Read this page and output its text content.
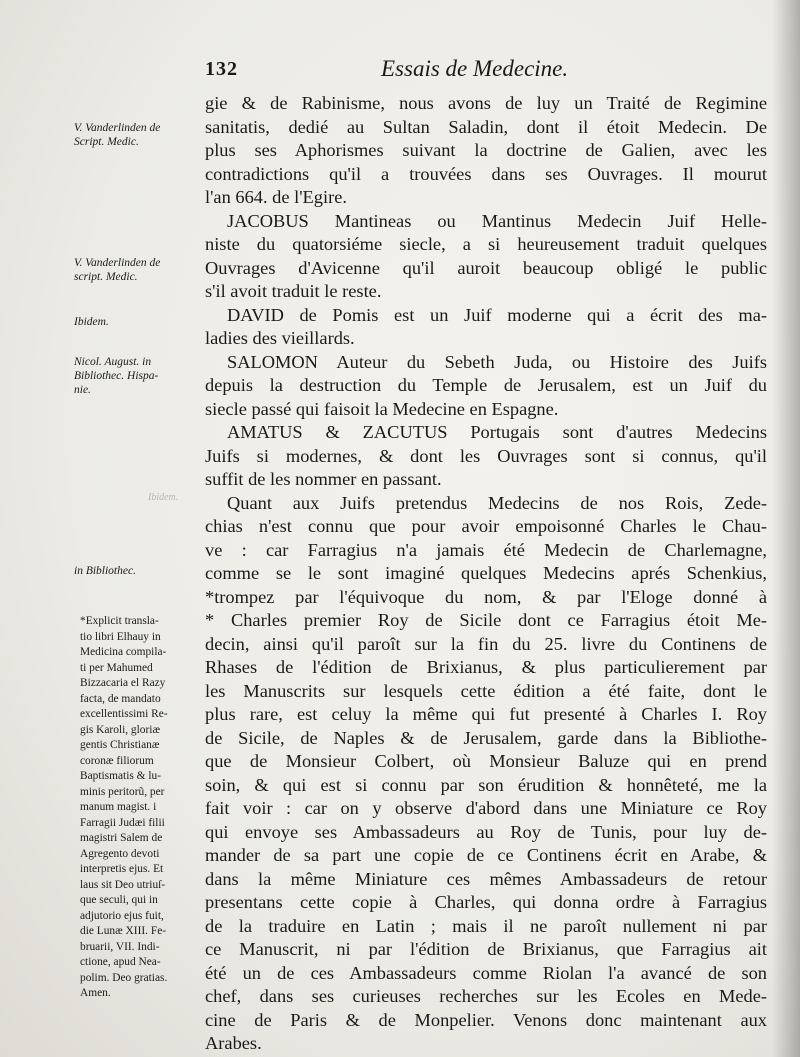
132	Essais de Medecine.
V. Vanderlinden de
Script. Medic.
V. Vanderlinden de
script. Medic.
Ibidem.
Nicol. August. in
Bibliothec. Hispa-
nie.
in Bibliothec.
Ibidem.
*Explicit transla-
tio libri Elhauy in
Medicina compila-
ti per Mahumed
Bizzacaria el Razy
facta, de mandato
excellentissimi Re-
gis Karoli, gloriæ
gentis Christianæ
coronæ filiorum
Baptismatis & lu-
minis peritorũ, per
manum magist. i
Farragii Judæi filii
magistri Salem de
Agregento devoti
interpretis ejus. Et
laus sit Deo utriuſ-
que seculi, qui in
adjutorio ejus fuit,
die Lunæ XIII. Fe-
bruarii, VII. Indi-
ctione, apud Nea-
polim. Deo gratias.
Amen.
gie & de Rabinisme, nous avons de luy un Traité de Regimine
sanitatis, dedié au Sultan Saladin, dont il étoit Medecin. De
plus ses Aphorismes suivant la doctrine de Galien, avec les
contradictions qu'il a trouvées dans ses Ouvrages. Il mourut
l'an 664. de l'Egire.
JACOBUS Mantineas ou Mantinus Medecin Juif Helle-
niste du quatorsiéme siecle, a si heureusement traduit quelques
Ouvrages d'Avicenne qu'il auroit beaucoup obligé le public
s'il avoit traduit le reste.
DAVID de Pomis est un Juif moderne qui a écrit des ma-
ladies des vieillards.
SALOMON Auteur du Sebeth Juda, ou Histoire des Juifs
depuis la destruction du Temple de Jerusalem, est un Juif du
siecle passé qui faisoit la Medecine en Espagne.
AMATUS & ZACUTUS Portugais sont d'autres Medecins
Juifs si modernes, & dont les Ouvrages sont si connus, qu'il
suffit de les nommer en passant.
Quant aux Juifs pretendus Medecins de nos Rois, Zede-
chias n'est connu que pour avoir empoisonné Charles le Chau-
ve : car Farragius n'a jamais été Medecin de Charlemagne,
comme se le sont imaginé quelques Medecins aprés Schenkius,
*trompez par l'équivoque du nom, & par l'Eloge donné à
* Charles premier Roy de Sicile dont ce Farragius étoit Me-
decin, ainsi qu'il paroît sur la fin du 25. livre du Continens de
Rhases de l'édition de Brixianus, & plus particulierement par
les Manuscrits sur lesquels cette édition a été faite, dont le
plus rare, est celuy la même qui fut presenté à Charles I. Roy
de Sicile, de Naples & de Jerusalem, garde dans la Bibliothe-
que de Monsieur Colbert, où Monsieur Baluze qui en prend
soin, & qui est si connu par son érudition & honnêteté, me la
fait voir : car on y observe d'abord dans une Miniature ce Roy
qui envoye ses Ambassadeurs au Roy de Tunis, pour luy de-
mander de sa part une copie de ce Continens écrit en Arabe, &
dans la même Miniature ces mêmes Ambassadeurs de retour
presentans cette copie à Charles, qui donna ordre à Farragius
de la traduire en Latin ; mais il ne paroît nullement ni par
ce Manuscrit, ni par l'édition de Brixianus, que Farragius ait
été un de ces Ambassadeurs comme Riolan l'a avancé de son
chef, dans ses curieuses recherches sur les Ecoles en Mede-
cine de Paris & de Monpelier. Venons donc maintenant aux
Arabes.
